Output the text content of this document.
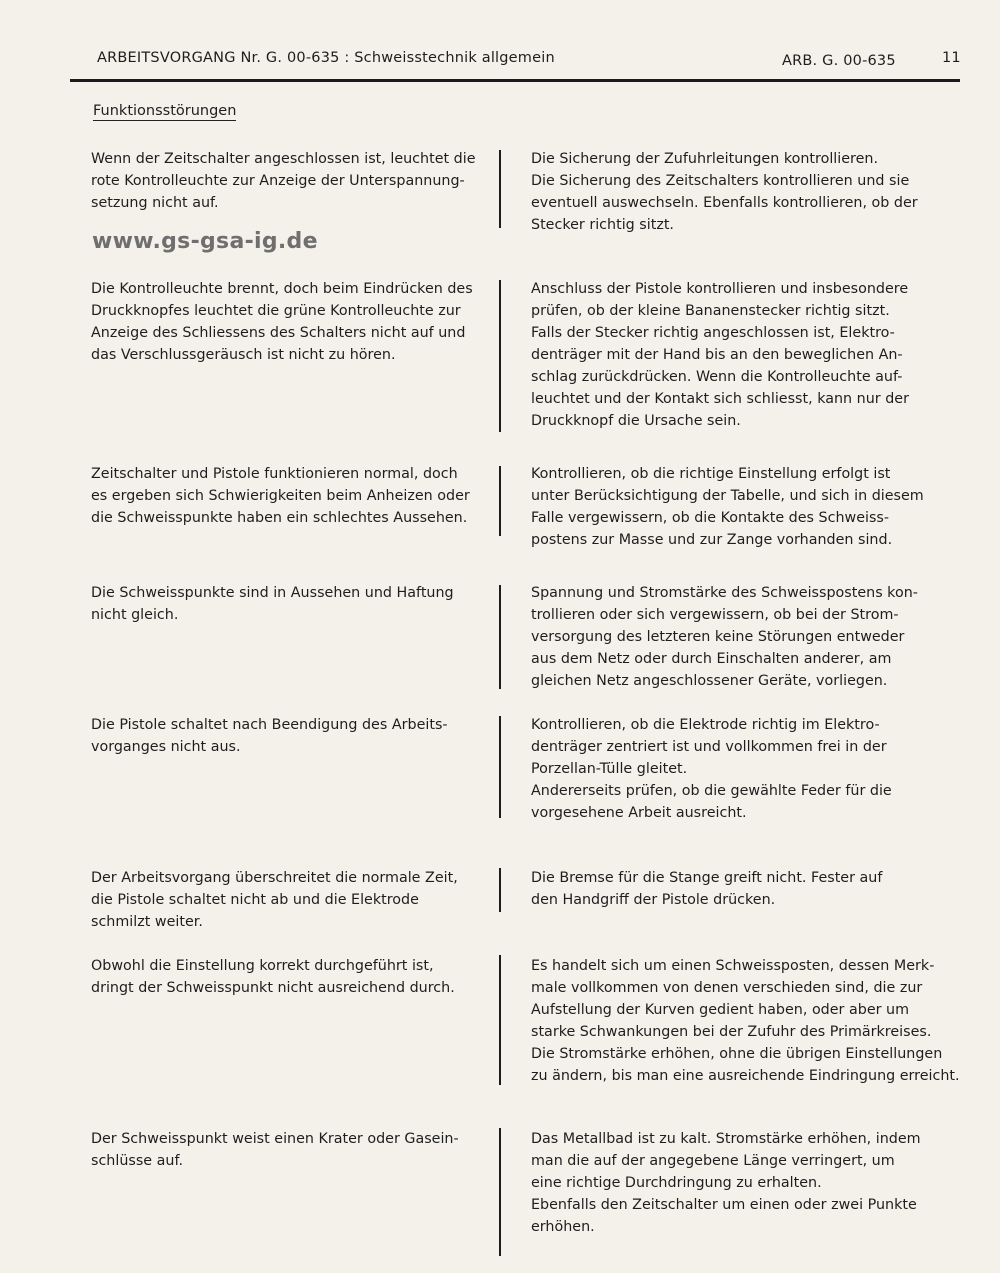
ARBEITSVORGANG Nr. G. 00-635 : Schweisstechnik allgemein	ARB. G. 00-635	11
Funktionsstörungen
www.gs-gsa-ig.de
Wenn der Zeitschalter angeschlossen ist, leuchtet die
rote Kontrolleuchte zur Anzeige der Unterspannung-
setzung nicht auf.
Die Sicherung der Zufuhrleitungen kontrollieren.
Die Sicherung des Zeitschalters kontrollieren und sie
eventuell auswechseln. Ebenfalls kontrollieren, ob der
Stecker richtig sitzt.
Die Kontrolleuchte brennt, doch beim Eindrücken des
Druckknopfes leuchtet die grüne Kontrolleuchte zur
Anzeige des Schliessens des Schalters nicht auf und
das Verschlussgeräusch ist nicht zu hören.
Anschluss der Pistole kontrollieren und insbesondere
prüfen, ob der kleine Bananenstecker richtig sitzt.
Falls der Stecker richtig angeschlossen ist, Elektro-
denträger mit der Hand bis an den beweglichen An-
schlag zurückdrücken. Wenn die Kontrolleuchte auf-
leuchtet und der Kontakt sich schliesst, kann nur der
Druckknopf die Ursache sein.
Zeitschalter und Pistole funktionieren normal, doch
es ergeben sich Schwierigkeiten beim Anheizen oder
die Schweisspunkte haben ein schlechtes Aussehen.
Kontrollieren, ob die richtige Einstellung erfolgt ist
unter Berücksichtigung der Tabelle, und sich in diesem
Falle vergewissern, ob die Kontakte des Schweiss-
postens zur Masse und zur Zange vorhanden sind.
Die Schweisspunkte sind in Aussehen und Haftung
nicht gleich.
Spannung und Stromstärke des Schweisspostens kon-
trollieren oder sich vergewissern, ob bei der Strom-
versorgung des letzteren keine Störungen entweder
aus dem Netz oder durch Einschalten anderer, am
gleichen Netz angeschlossener Geräte, vorliegen.
Die Pistole schaltet nach Beendigung des Arbeits-
vorganges nicht aus.
Kontrollieren, ob die Elektrode richtig im Elektro-
denträger zentriert ist und vollkommen frei in der
Porzellan-Tülle gleitet.
Andererseits prüfen, ob die gewählte Feder für die
vorgesehene Arbeit ausreicht.
Der Arbeitsvorgang überschreitet die normale Zeit,
die Pistole schaltet nicht ab und die Elektrode
schmilzt weiter.
Die Bremse für die Stange greift nicht. Fester auf
den Handgriff der Pistole drücken.
Obwohl die Einstellung korrekt durchgeführt ist,
dringt der Schweisspunkt nicht ausreichend durch.
Es handelt sich um einen Schweissposten, dessen Merk-
male vollkommen von denen verschieden sind, die zur
Aufstellung der Kurven gedient haben, oder aber um
starke Schwankungen bei der Zufuhr des Primärkreises.
Die Stromstärke erhöhen, ohne die übrigen Einstellungen
zu ändern, bis man eine ausreichende Eindringung erreicht.
Der Schweisspunkt weist einen Krater oder Gasein-
schlüsse auf.
Das Metallbad ist zu kalt. Stromstärke erhöhen, indem
man die auf der angegebene Länge verringert, um
eine richtige Durchdringung zu erhalten.
Ebenfalls den Zeitschalter um einen oder zwei Punkte
erhöhen.
